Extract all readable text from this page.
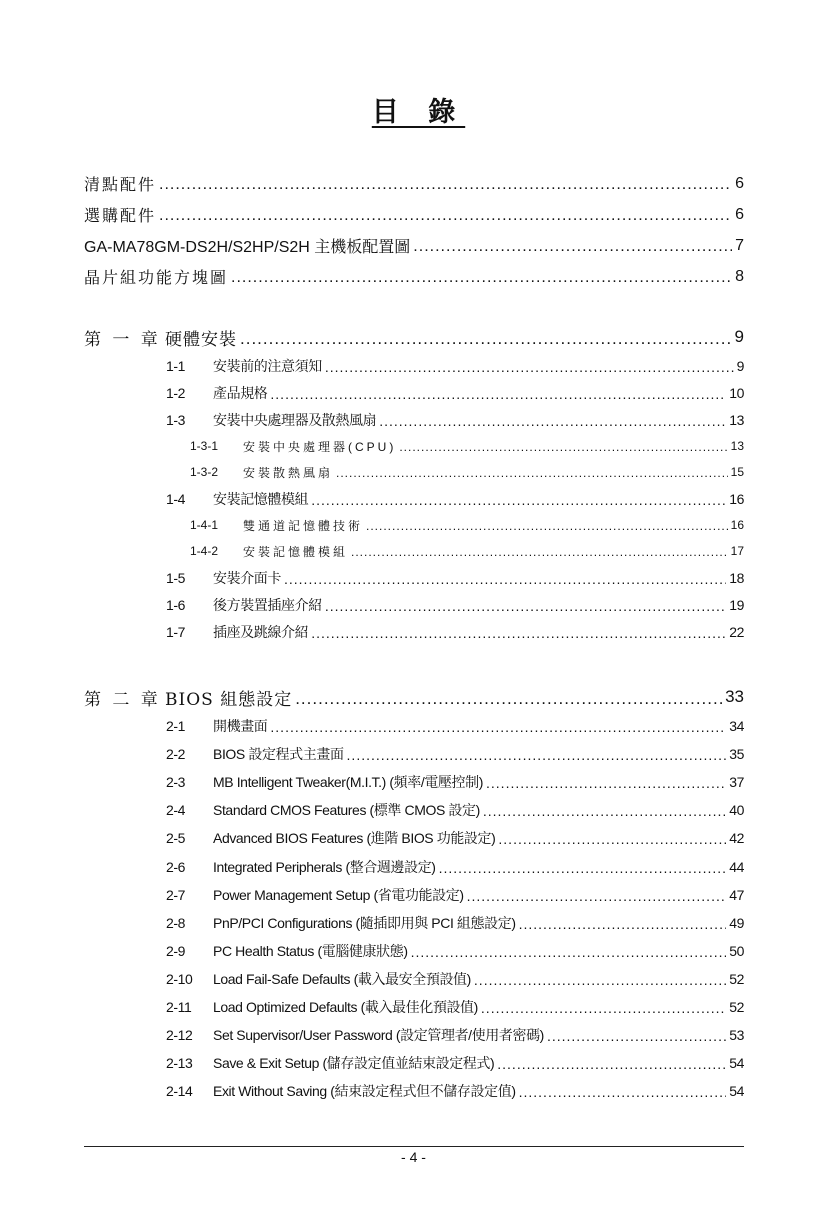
目 錄
清點配件 .....	6
選購配件 .....	6
GA-MA78GM-DS2H/S2HP/S2H 主機板配置圖 .....	7
晶片組功能方塊圖 .....	8
第 一 章 硬體安裝 .....	9
1-1	安裝前的注意須知 .....	9
1-2	產品規格 .....	10
1-3	安裝中央處理器及散熱風扇 .....	13
1-3-1	安裝中央處理器(CPU) .....	13
1-3-2	安裝散熱風扇 .....	15
1-4	安裝記憶體模組 .....	16
1-4-1	雙通道記憶體技術 .....	16
1-4-2	安裝記憶體模組 .....	17
1-5	安裝介面卡 .....	18
1-6	後方裝置插座介紹 .....	19
1-7	插座及跳線介紹 .....	22
第 二 章 BIOS 組態設定 .....	33
2-1	開機畫面 .....	34
2-2	BIOS 設定程式主畫面 .....	35
2-3	MB Intelligent Tweaker(M.I.T.) (頻率/電壓控制) .....	37
2-4	Standard CMOS Features (標準 CMOS 設定) .....	40
2-5	Advanced BIOS Features (進階 BIOS 功能設定) .....	42
2-6	Integrated Peripherals (整合週邊設定) .....	44
2-7	Power Management Setup (省電功能設定) .....	47
2-8	PnP/PCI Configurations (隨插即用與 PCI 組態設定) .....	49
2-9	PC Health Status (電腦健康狀態) .....	50
2-10	Load Fail-Safe Defaults (載入最安全預設值) .....	52
2-11	Load Optimized Defaults (載入最佳化預設值) .....	52
2-12	Set Supervisor/User Password (設定管理者/使用者密碼) .....	53
2-13	Save & Exit Setup (儲存設定值並結束設定程式) .....	54
2-14	Exit Without Saving (結束設定程式但不儲存設定值) .....	54
- 4 -
